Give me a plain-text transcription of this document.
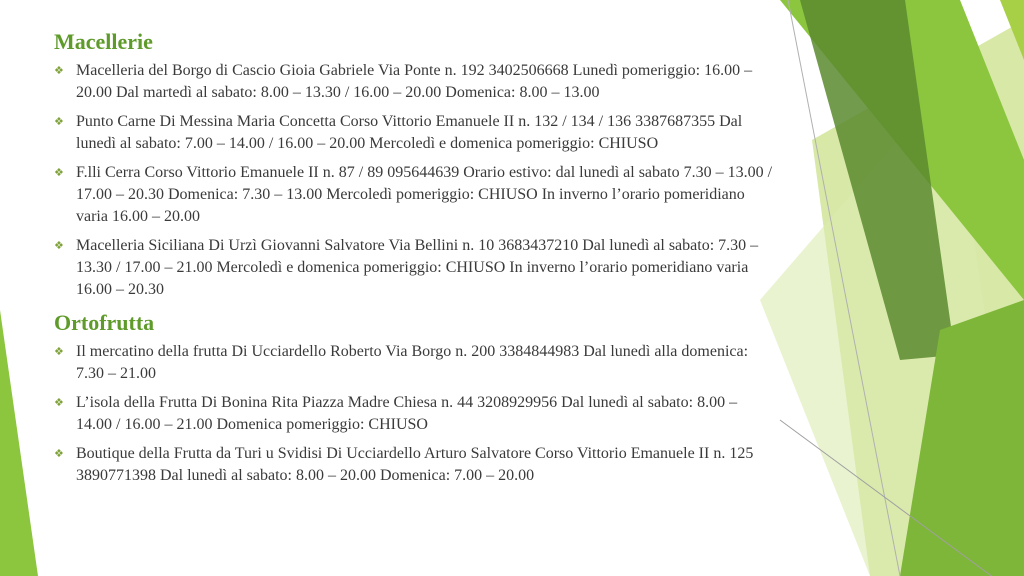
Macellerie
❖ Macelleria del Borgo di Cascio Gioia Gabriele Via Ponte n. 192 3402506668 Lunedì pomeriggio: 16.00 – 20.00 Dal martedì al sabato: 8.00 – 13.30 / 16.00 – 20.00 Domenica: 8.00 – 13.00
❖ Punto Carne Di Messina Maria Concetta Corso Vittorio Emanuele II n. 132 / 134 / 136 3387687355 Dal lunedì al sabato: 7.00 – 14.00 / 16.00 – 20.00 Mercoledì e domenica pomeriggio: CHIUSO
❖ F.lli Cerra Corso Vittorio Emanuele II n. 87 / 89 095644639 Orario estivo: dal lunedì al sabato 7.30 – 13.00 / 17.00 – 20.30 Domenica: 7.30 – 13.00 Mercoledì pomeriggio: CHIUSO In inverno l’orario pomeridiano varia 16.00 – 20.00
❖ Macelleria Siciliana Di Urzì Giovanni Salvatore Via Bellini n. 10 3683437210 Dal lunedì al sabato: 7.30 – 13.30 / 17.00 – 21.00 Mercoledì e domenica pomeriggio: CHIUSO In inverno l’orario pomeridiano varia 16.00 – 20.30
Ortofrutta
❖ Il mercatino della frutta Di Ucciardello Roberto Via Borgo n. 200 3384844983 Dal lunedì alla domenica: 7.30 – 21.00
❖ L’isola della Frutta Di Bonina Rita Piazza Madre Chiesa n. 44 3208929956 Dal lunedì al sabato: 8.00 – 14.00 / 16.00 – 21.00 Domenica pomeriggio: CHIUSO
❖ Boutique della Frutta da Turi u Svidisi Di Ucciardello Arturo Salvatore Corso Vittorio Emanuele II n. 125 3890771398 Dal lunedì al sabato: 8.00 – 20.00 Domenica: 7.00 – 20.00
